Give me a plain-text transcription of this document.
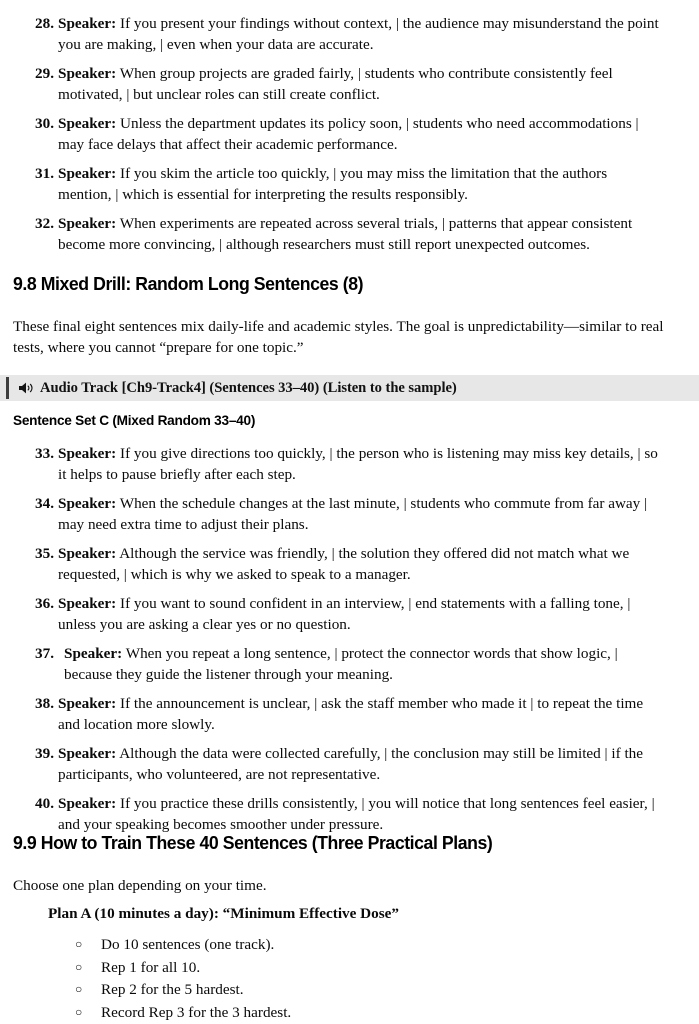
28. Speaker: If you present your findings without context, | the audience may misunderstand the point you are making, | even when your data are accurate.
29. Speaker: When group projects are graded fairly, | students who contribute consistently feel motivated, | but unclear roles can still create conflict.
30. Speaker: Unless the department updates its policy soon, | students who need accommodations | may face delays that affect their academic performance.
31. Speaker: If you skim the article too quickly, | you may miss the limitation that the authors mention, | which is essential for interpreting the results responsibly.
32. Speaker: When experiments are repeated across several trials, | patterns that appear consistent become more convincing, | although researchers must still report unexpected outcomes.
9.8 Mixed Drill: Random Long Sentences (8)

These final eight sentences mix daily-life and academic styles. The goal is unpredictability—similar to real tests, where you cannot “prepare for one topic.”

Audio Track [Ch9-Track4] (Sentences 33–40) (Listen to the sample)
Sentence Set C (Mixed Random 33–40)
33. Speaker: If you give directions too quickly, | the person who is listening may miss key details, | so it helps to pause briefly after each step.
34. Speaker: When the schedule changes at the last minute, | students who commute from far away | may need extra time to adjust their plans.
35. Speaker: Although the service was friendly, | the solution they offered did not match what we requested, | which is why we asked to speak to a manager.
36. Speaker: If you want to sound confident in an interview, | end statements with a falling tone, | unless you are asking a clear yes or no question.
37. Speaker: When you repeat a long sentence, | protect the connector words that show logic, | because they guide the listener through your meaning.
38. Speaker: If the announcement is unclear, | ask the staff member who made it | to repeat the time and location more slowly.
39. Speaker: Although the data were collected carefully, | the conclusion may still be limited | if the participants, who volunteered, are not representative.
40. Speaker: If you practice these drills consistently, | you will notice that long sentences feel easier, | and your speaking becomes smoother under pressure.
9.9 How to Train These 40 Sentences (Three Practical Plans)

Choose one plan depending on your time.

Plan A (10 minutes a day): “Minimum Effective Dose”

○ Do 10 sentences (one track).
○ Rep 1 for all 10.
○ Rep 2 for the 5 hardest.
○ Record Rep 3 for the 3 hardest.
